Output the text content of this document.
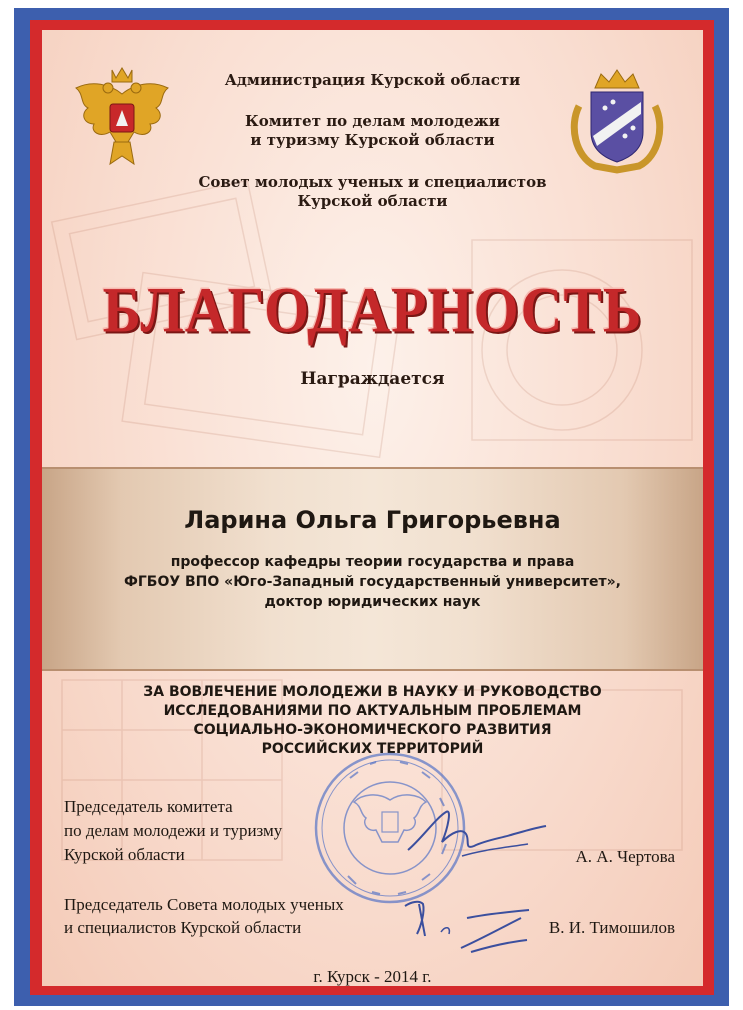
Администрация Курской области
Комитет по делам молодежи
и туризму Курской области
Совет молодых ученых и специалистов
Курской области
БЛАГОДАРНОСТЬ
Награждается
Ларина Ольга Григорьевна
профессор кафедры теории государства и права
ФГБОУ ВПО «Юго-Западный государственный университет»,
доктор юридических наук
ЗА ВОВЛЕЧЕНИЕ МОЛОДЕЖИ В НАУКУ И РУКОВОДСТВО
ИССЛЕДОВАНИЯМИ ПО АКТУАЛЬНЫМ ПРОБЛЕМАМ
СОЦИАЛЬНО-ЭКОНОМИЧЕСКОГО РАЗВИТИЯ
РОССИЙСКИХ ТЕРРИТОРИЙ
Председатель комитета
по делам молодежи и туризму
Курской области	А. А. Чертова
Председатель Совета молодых ученых
и специалистов Курской области	В. И. Тимошилов
г. Курск - 2014 г.
